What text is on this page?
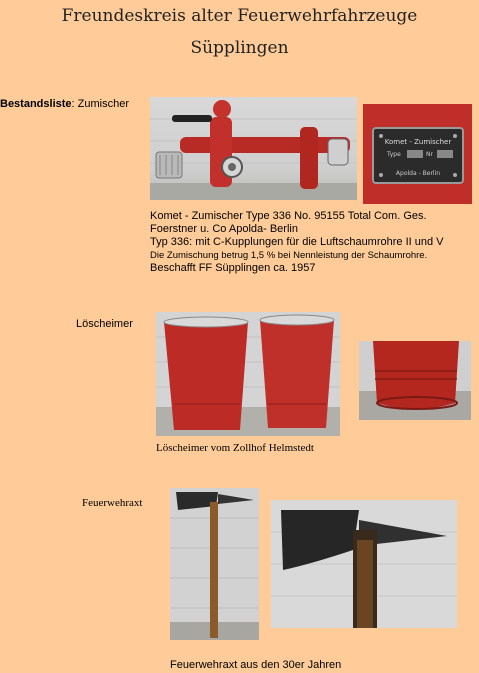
Freundeskreis alter Feuerwehrfahrzeuge
Süpplingen
Bestandsliste: Zumischer
Komet - Zumischer
Type	Nr
Apolda - Berlin
Komet - Zumischer Type 336 No. 95155 Total Com. Ges.
Foerstner u. Co Apolda- Berlin
Typ 336: mit C-Kupplungen für die Luftschaumrohre II und V
Die Zumischung betrug 1,5 % bei Nennleistung der Schaumrohre.
Beschafft FF Süpplingen ca. 1957
Löscheimer
Löscheimer vom Zollhof Helmstedt
Feuerwehraxt
Feuerwehraxt aus den 30er Jahren
